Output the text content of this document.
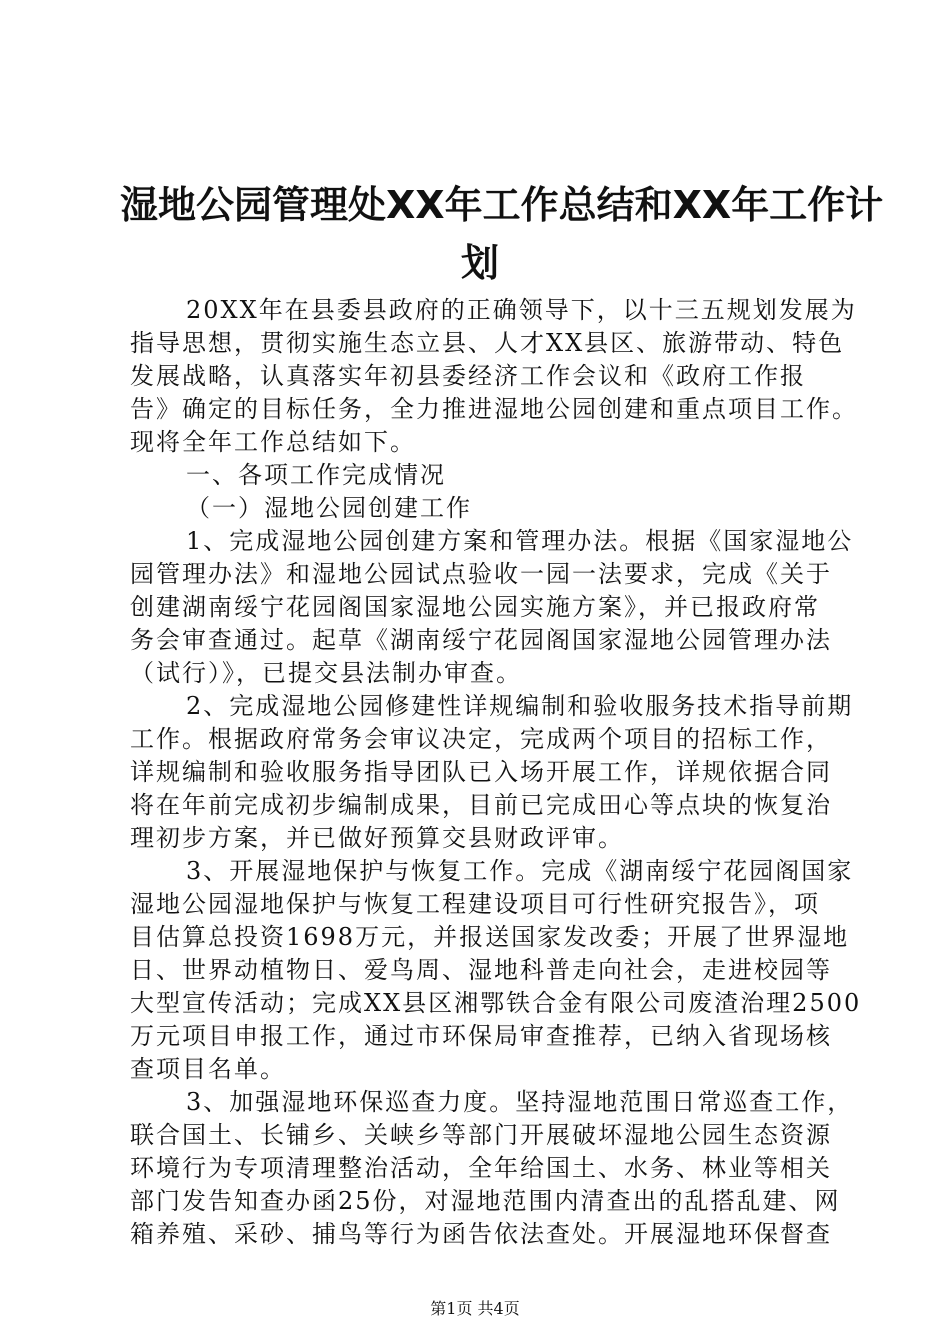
湿地公园管理处XX年工作总结和XX年工作计
划
20XX年在县委县政府的正确领导下，以十三五规划发展为
指导思想，贯彻实施生态立县、人才XX县区、旅游带动、特色
发展战略，认真落实年初县委经济工作会议和《政府工作报
告》确定的目标任务，全力推进湿地公园创建和重点项目工作。
现将全年工作总结如下。
一、各项工作完成情况
（一）湿地公园创建工作
1、完成湿地公园创建方案和管理办法。根据《国家湿地公
园管理办法》和湿地公园试点验收一园一法要求，完成《关于
创建湖南绥宁花园阁国家湿地公园实施方案》，并已报政府常
务会审查通过。起草《湖南绥宁花园阁国家湿地公园管理办法
（试行）》，已提交县法制办审查。
2、完成湿地公园修建性详规编制和验收服务技术指导前期
工作。根据政府常务会审议决定，完成两个项目的招标工作，
详规编制和验收服务指导团队已入场开展工作，详规依据合同
将在年前完成初步编制成果，目前已完成田心等点块的恢复治
理初步方案，并已做好预算交县财政评审。
3、开展湿地保护与恢复工作。完成《湖南绥宁花园阁国家
湿地公园湿地保护与恢复工程建设项目可行性研究报告》，项
目估算总投资1698万元，并报送国家发改委；开展了世界湿地
日、世界动植物日、爱鸟周、湿地科普走向社会，走进校园等
大型宣传活动；完成XX县区湘鄂铁合金有限公司废渣治理2500
万元项目申报工作，通过市环保局审查推荐，已纳入省现场核
查项目名单。
3、加强湿地环保巡查力度。坚持湿地范围日常巡查工作，
联合国土、长铺乡、关峡乡等部门开展破坏湿地公园生态资源
环境行为专项清理整治活动，全年给国土、水务、林业等相关
部门发告知查办函25份，对湿地范围内清查出的乱搭乱建、网
箱养殖、采砂、捕鸟等行为函告依法查处。开展湿地环保督查
第1页 共4页
